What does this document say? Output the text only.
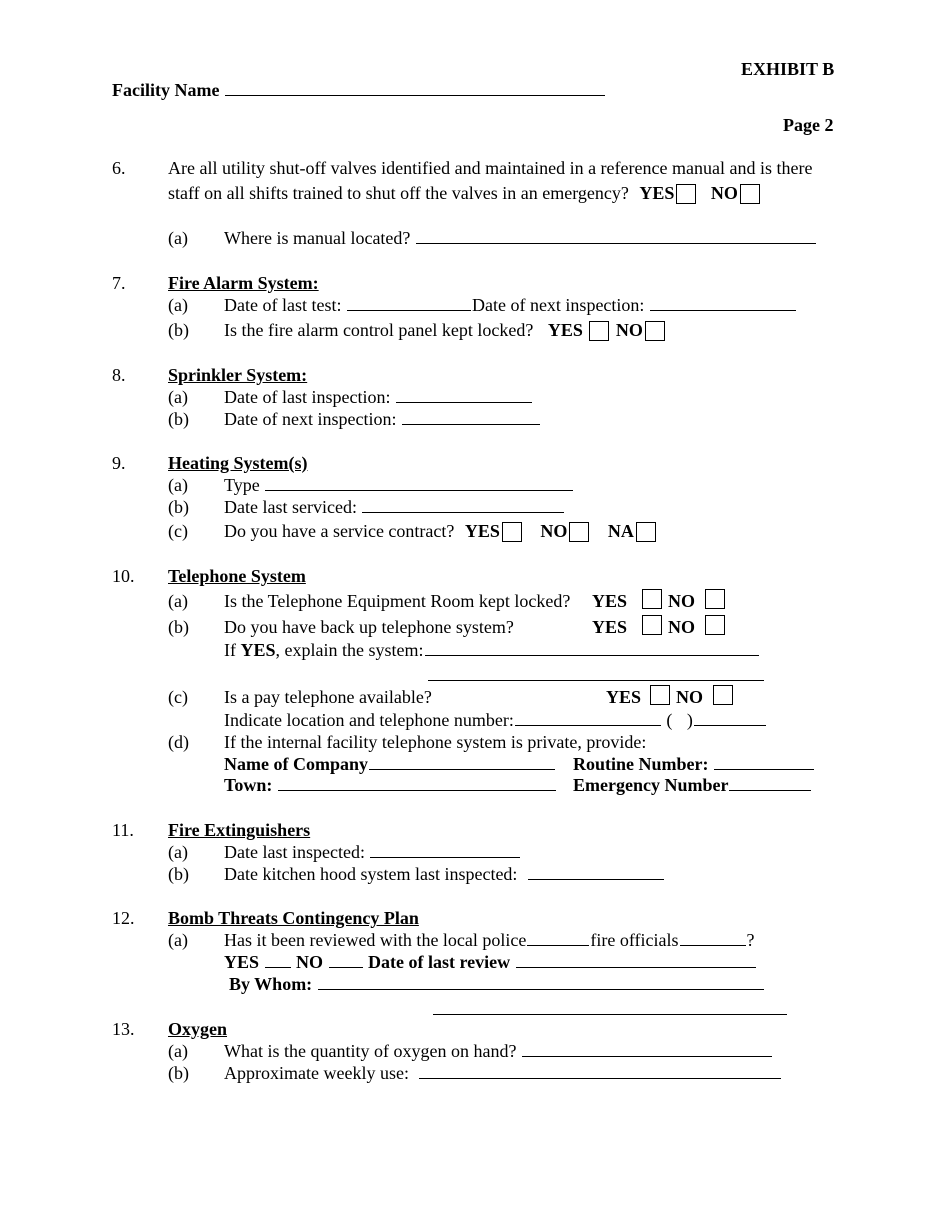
EXHIBIT B
Facility Name
Page 2
6. Are all utility shut-off valves identified and maintained in a reference manual and is there
staff on all shifts trained to shut off the valves in an emergency? YES NO
(a) Where is manual located?
7. Fire Alarm System:
(a) Date of last test:	Date of next inspection:
(b) Is the fire alarm control panel kept locked? YES NO
8. Sprinkler System:
(a) Date of last inspection:
(b) Date of next inspection:
9. Heating System(s)
(a) Type
(b) Date last serviced:
(c) Do you have a service contract? YES NO NA
10. Telephone System
(a) Is the Telephone Equipment Room kept locked? YES NO
(b) Do you have back up telephone system?	YES NO
If YES, explain the system:
(c) Is a pay telephone available?	YES NO
Indicate location and telephone number:	( )
(d) If the internal facility telephone system is private, provide:
Name of Company	Routine Number:
Town:	Emergency Number
11. Fire Extinguishers
(a) Date last inspected:
(b) Date kitchen hood system last inspected:
12. Bomb Threats Contingency Plan
(a) Has it been reviewed with the local police	fire officials	?
YES NO	Date of last review
By Whom:
13. Oxygen
(a) What is the quantity of oxygen on hand?
(b) Approximate weekly use:
